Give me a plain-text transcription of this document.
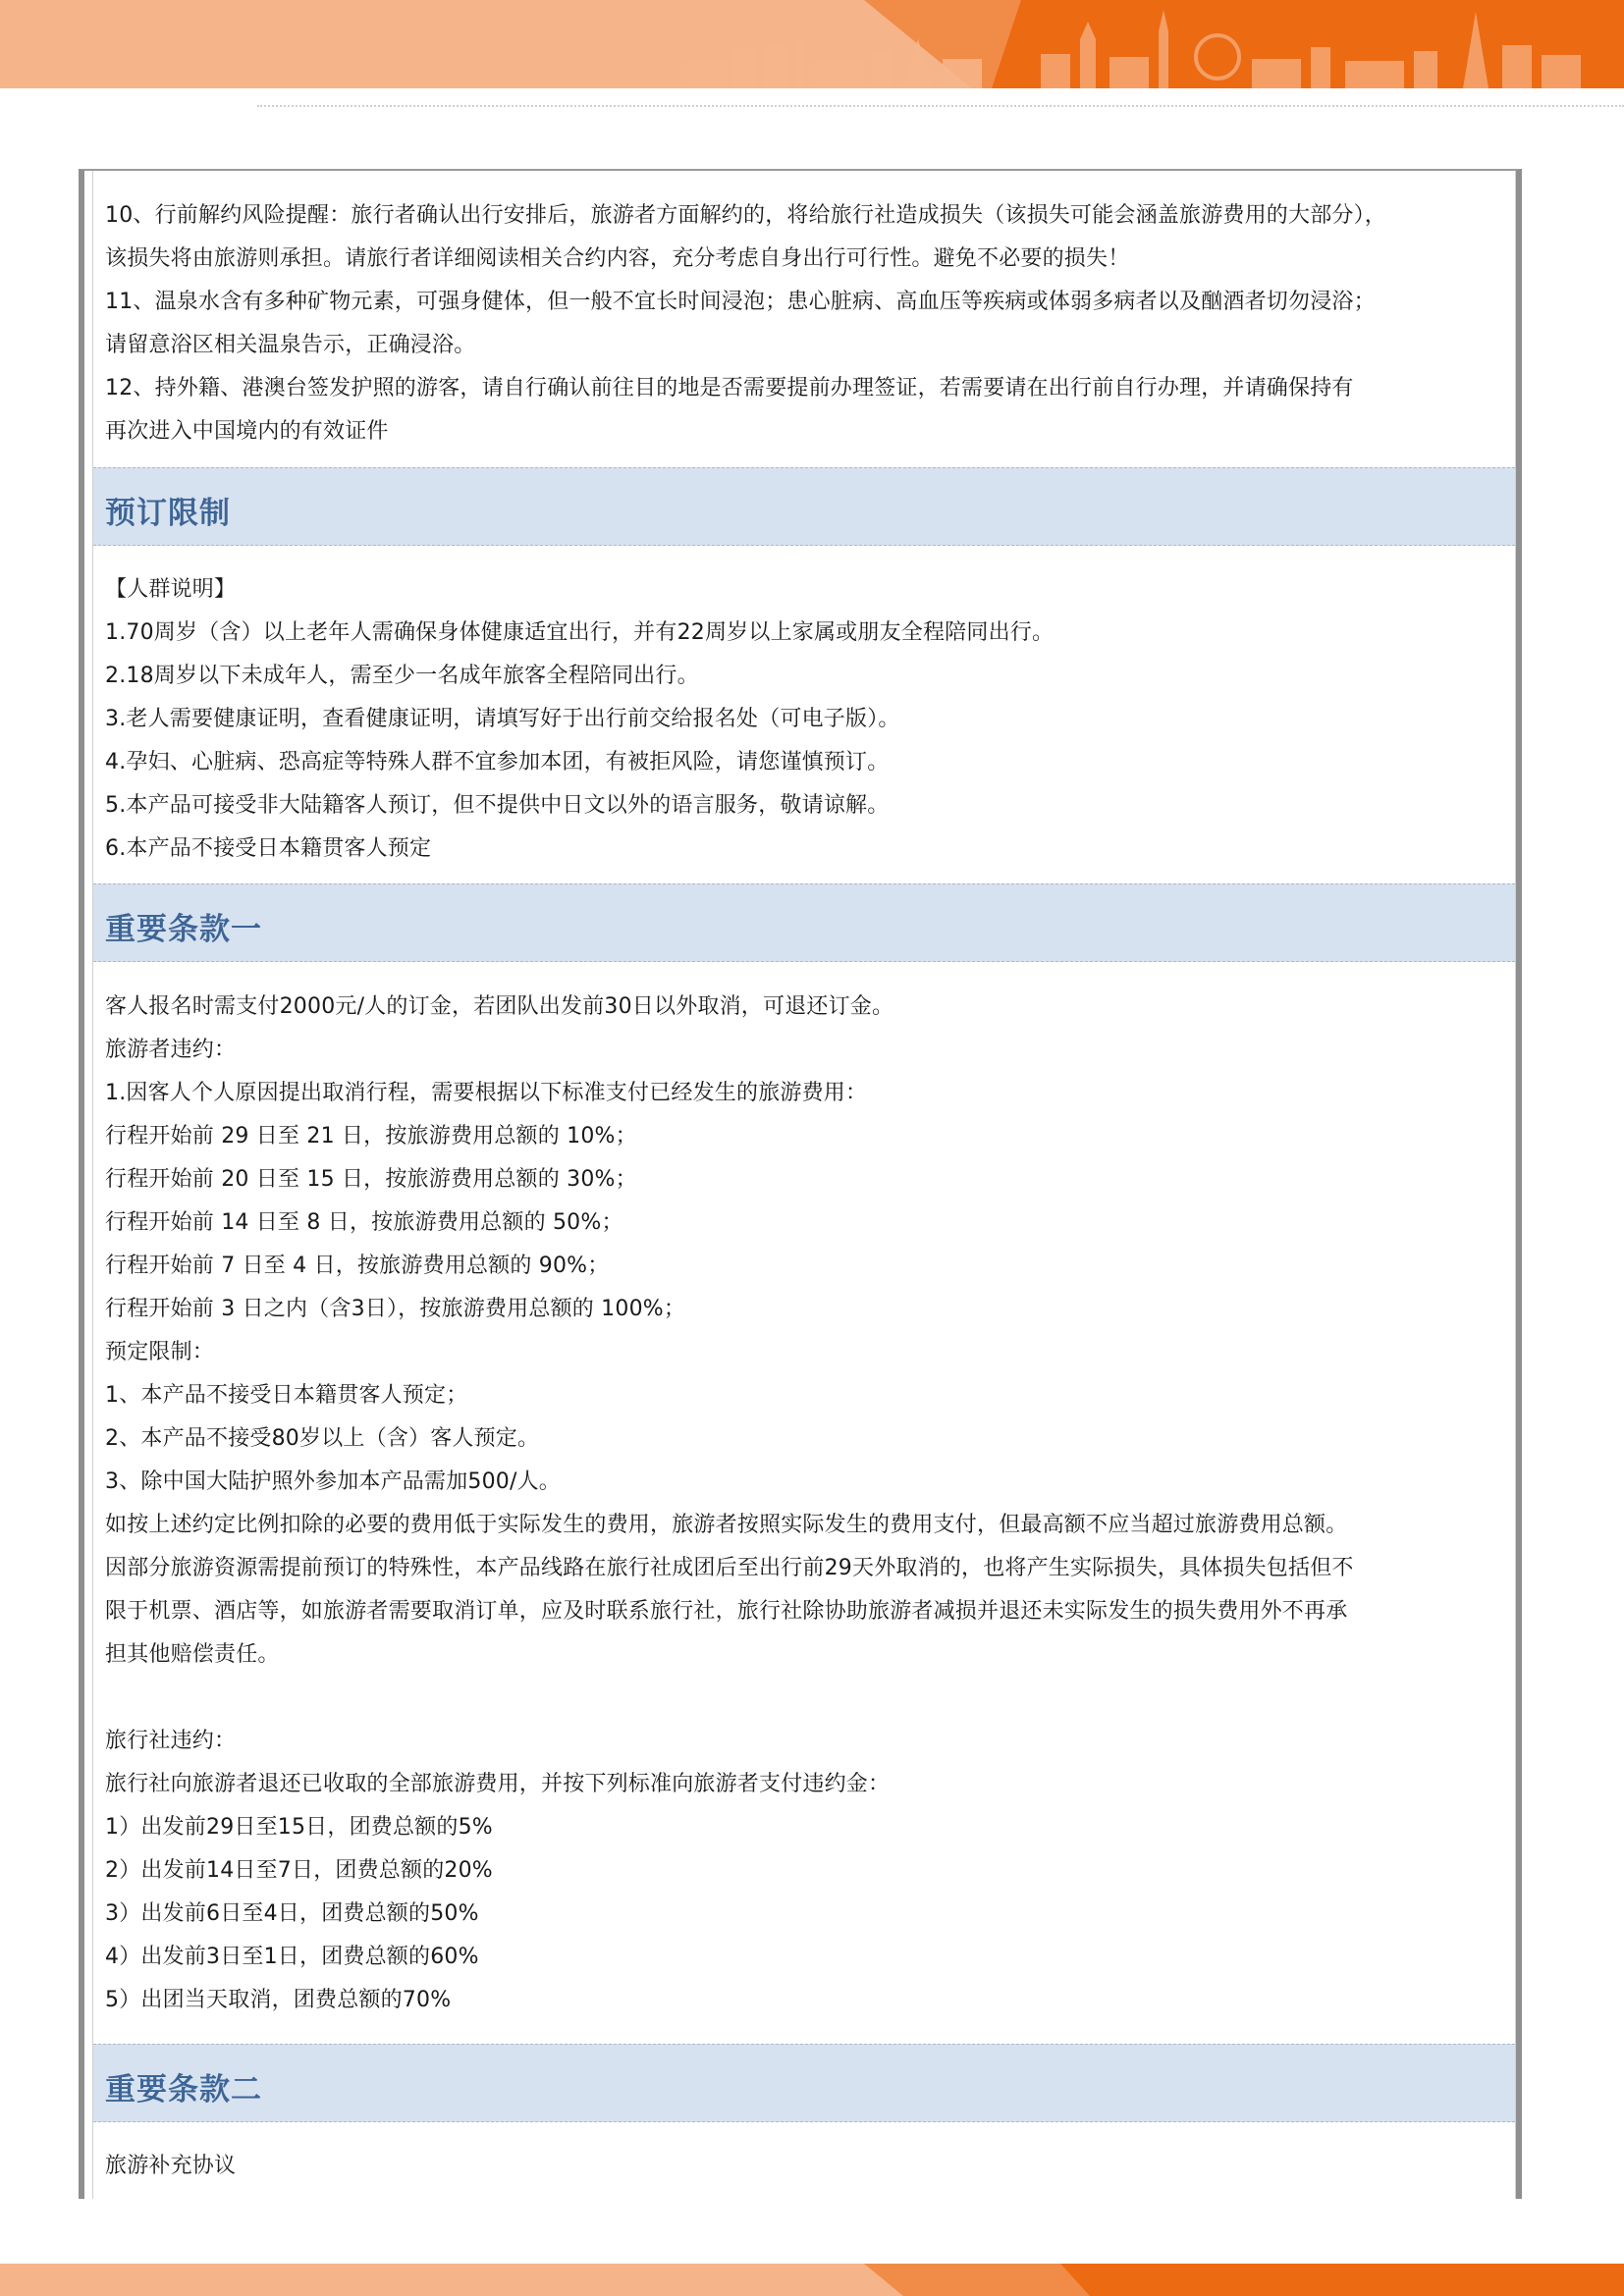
10、行前解约风险提醒：旅行者确认出行安排后，旅游者方面解约的，将给旅行社造成损失（该损失可能会涵盖旅游费用的大部分），
该损失将由旅游则承担。请旅行者详细阅读相关合约内容，充分考虑自身出行可行性。避免不必要的损失！
11、温泉水含有多种矿物元素，可强身健体，但一般不宜长时间浸泡；患心脏病、高血压等疾病或体弱多病者以及酗酒者切勿浸浴；
请留意浴区相关温泉告示，正确浸浴。
12、持外籍、港澳台签发护照的游客，请自行确认前往目的地是否需要提前办理签证，若需要请在出行前自行办理，并请确保持有
再次进入中国境内的有效证件
预订限制
【人群说明】
1.70周岁（含）以上老年人需确保身体健康适宜出行，并有22周岁以上家属或朋友全程陪同出行。
2.18周岁以下未成年人，需至少一名成年旅客全程陪同出行。
3.老人需要健康证明，查看健康证明，请填写好于出行前交给报名处（可电子版）。
4.孕妇、心脏病、恐高症等特殊人群不宜参加本团，有被拒风险，请您谨慎预订。
5.本产品可接受非大陆籍客人预订，但不提供中日文以外的语言服务，敬请谅解。
6.本产品不接受日本籍贯客人预定
重要条款一
客人报名时需支付2000元/人的订金，若团队出发前30日以外取消，可退还订金。
旅游者违约：
1.因客人个人原因提出取消行程，需要根据以下标准支付已经发生的旅游费用：
行程开始前 29 日至 21 日，按旅游费用总额的 10%；
行程开始前 20 日至 15 日，按旅游费用总额的 30%；
行程开始前 14 日至 8 日，按旅游费用总额的 50%；
行程开始前 7 日至 4 日，按旅游费用总额的 90%；
行程开始前 3 日之内（含3日），按旅游费用总额的 100%；
预定限制：
1、本产品不接受日本籍贯客人预定；
2、本产品不接受80岁以上（含）客人预定。
3、除中国大陆护照外参加本产品需加500/人。
如按上述约定比例扣除的必要的费用低于实际发生的费用，旅游者按照实际发生的费用支付，但最高额不应当超过旅游费用总额。
因部分旅游资源需提前预订的特殊性，本产品线路在旅行社成团后至出行前29天外取消的，也将产生实际损失，具体损失包括但不
限于机票、酒店等，如旅游者需要取消订单，应及时联系旅行社，旅行社除协助旅游者减损并退还未实际发生的损失费用外不再承
担其他赔偿责任。
旅行社违约：
旅行社向旅游者退还已收取的全部旅游费用，并按下列标准向旅游者支付违约金：
1）出发前29日至15日，团费总额的5%
2）出发前14日至7日，团费总额的20%
3）出发前6日至4日，团费总额的50%
4）出发前3日至1日，团费总额的60%
5）出团当天取消，团费总额的70%
重要条款二
旅游补充协议
